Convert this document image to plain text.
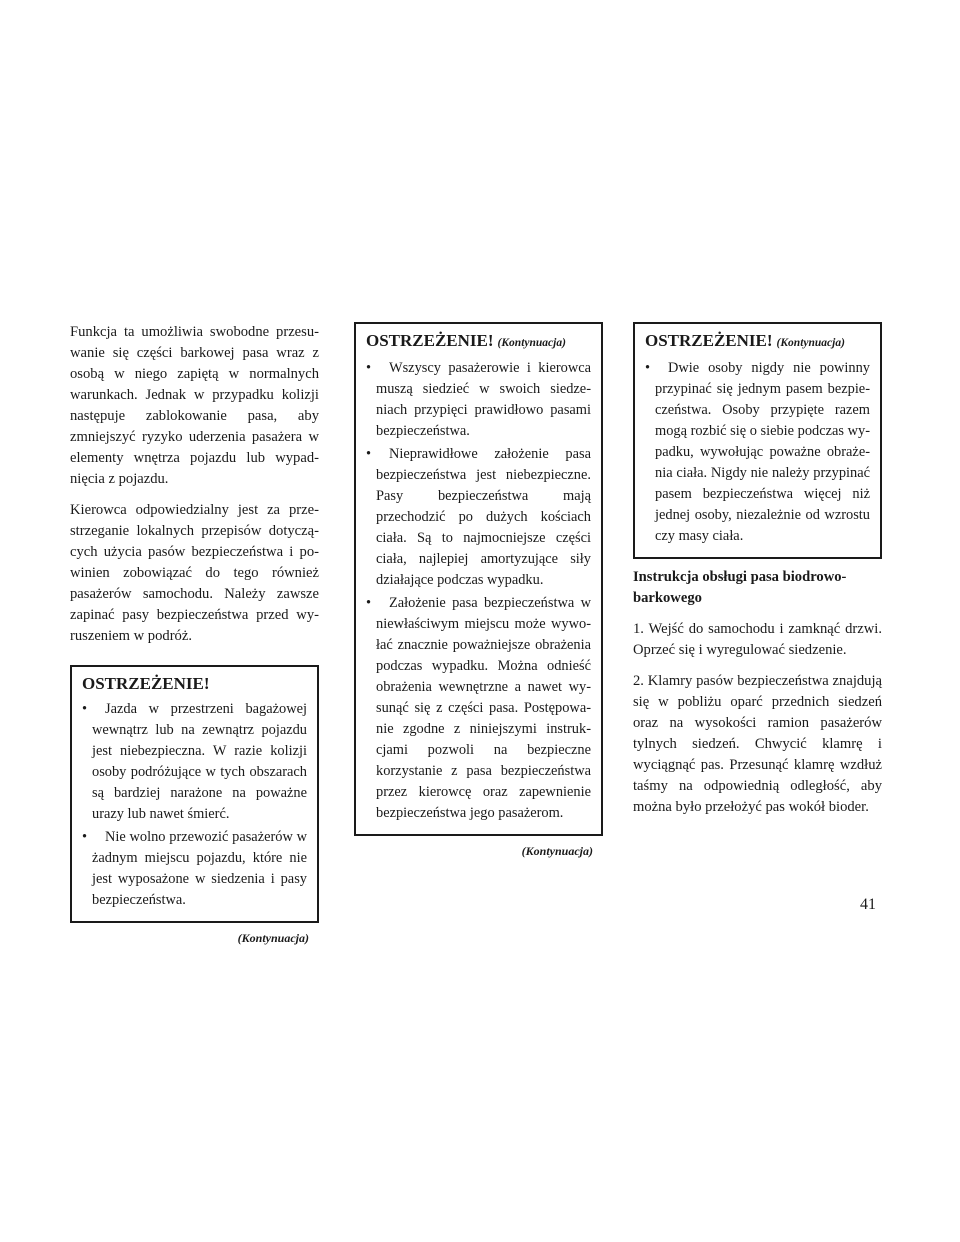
Funkcja ta umożliwia swobodne przesuwanie się części barkowej pasa wraz z osobą w niego zapiętą w normalnych warunkach. Jednak w przypadku kolizji następuje zablokowanie pasa, aby zmniejszyć ryzyko uderzenia pasażera w elementy wnętrza pojazdu lub wypadnięcia z pojazdu.

Kierowca odpowiedzialny jest za przestrzeganie lokalnych przepisów dotyczących użycia pasów bezpieczeństwa i powinien zobowiązać do tego również pasażerów samochodu. Należy zawsze zapinać pasy bezpieczeństwa przed wyruszeniem w podróż.

OSTRZEŻENIE!
• Jazda w przestrzeni bagażowej wewnątrz lub na zewnątrz pojazdu jest niebezpieczna. W razie kolizji osoby podróżujące w tych obszarach są bardziej narażone na poważne urazy lub nawet śmierć.
• Nie wolno przewozić pasażerów w żadnym miejscu pojazdu, które nie jest wyposażone w siedzenia i pasy bezpieczeństwa.
(Kontynuacja)
OSTRZEŻENIE! (Kontynuacja)
• Wszyscy pasażerowie i kierowca muszą siedzieć w swoich siedzeniach przypięci prawidłowo pasami bezpieczeństwa.
• Nieprawidłowe założenie pasa bezpieczeństwa jest niebezpieczne. Pasy bezpieczeństwa mają przechodzić po dużych kościach ciała. Są to najmocniejsze części ciała, najlepiej amortyzujące siły działające podczas wypadku.
• Założenie pasa bezpieczeństwa w niewłaściwym miejscu może wywołać znacznie poważniejsze obrażenia podczas wypadku. Można odnieść obrażenia wewnętrzne a nawet wysunąć się z części pasa. Postępowanie zgodne z niniejszymi instrukcjami pozwoli na bezpieczne korzystanie z pasa bezpieczeństwa przez kierowcę oraz zapewnienie bezpieczeństwa jego pasażerom.
(Kontynuacja)
OSTRZEŻENIE! (Kontynuacja)
• Dwie osoby nigdy nie powinny przypinać się jednym pasem bezpieczeństwa. Osoby przypięte razem mogą rozbić się o siebie podczas wypadku, wywołując poważne obrażenia ciała. Nigdy nie należy przypinać pasem bezpieczeństwa więcej niż jednej osoby, niezależnie od wzrostu czy masy ciała.
Instrukcja obsługi pasa biodrowo-barkowego

1. Wejść do samochodu i zamknąć drzwi. Oprzeć się i wyregulować siedzenie.

2. Klamry pasów bezpieczeństwa znajdują się w pobliżu oparć przednich siedzeń oraz na wysokości ramion pasażerów tylnych siedzeń. Chwycić klamrę i wyciągnąć pas. Przesunąć klamrę wzdłuż taśmy na odpowiednią odległość, aby można było przełożyć pas wokół bioder.

41
